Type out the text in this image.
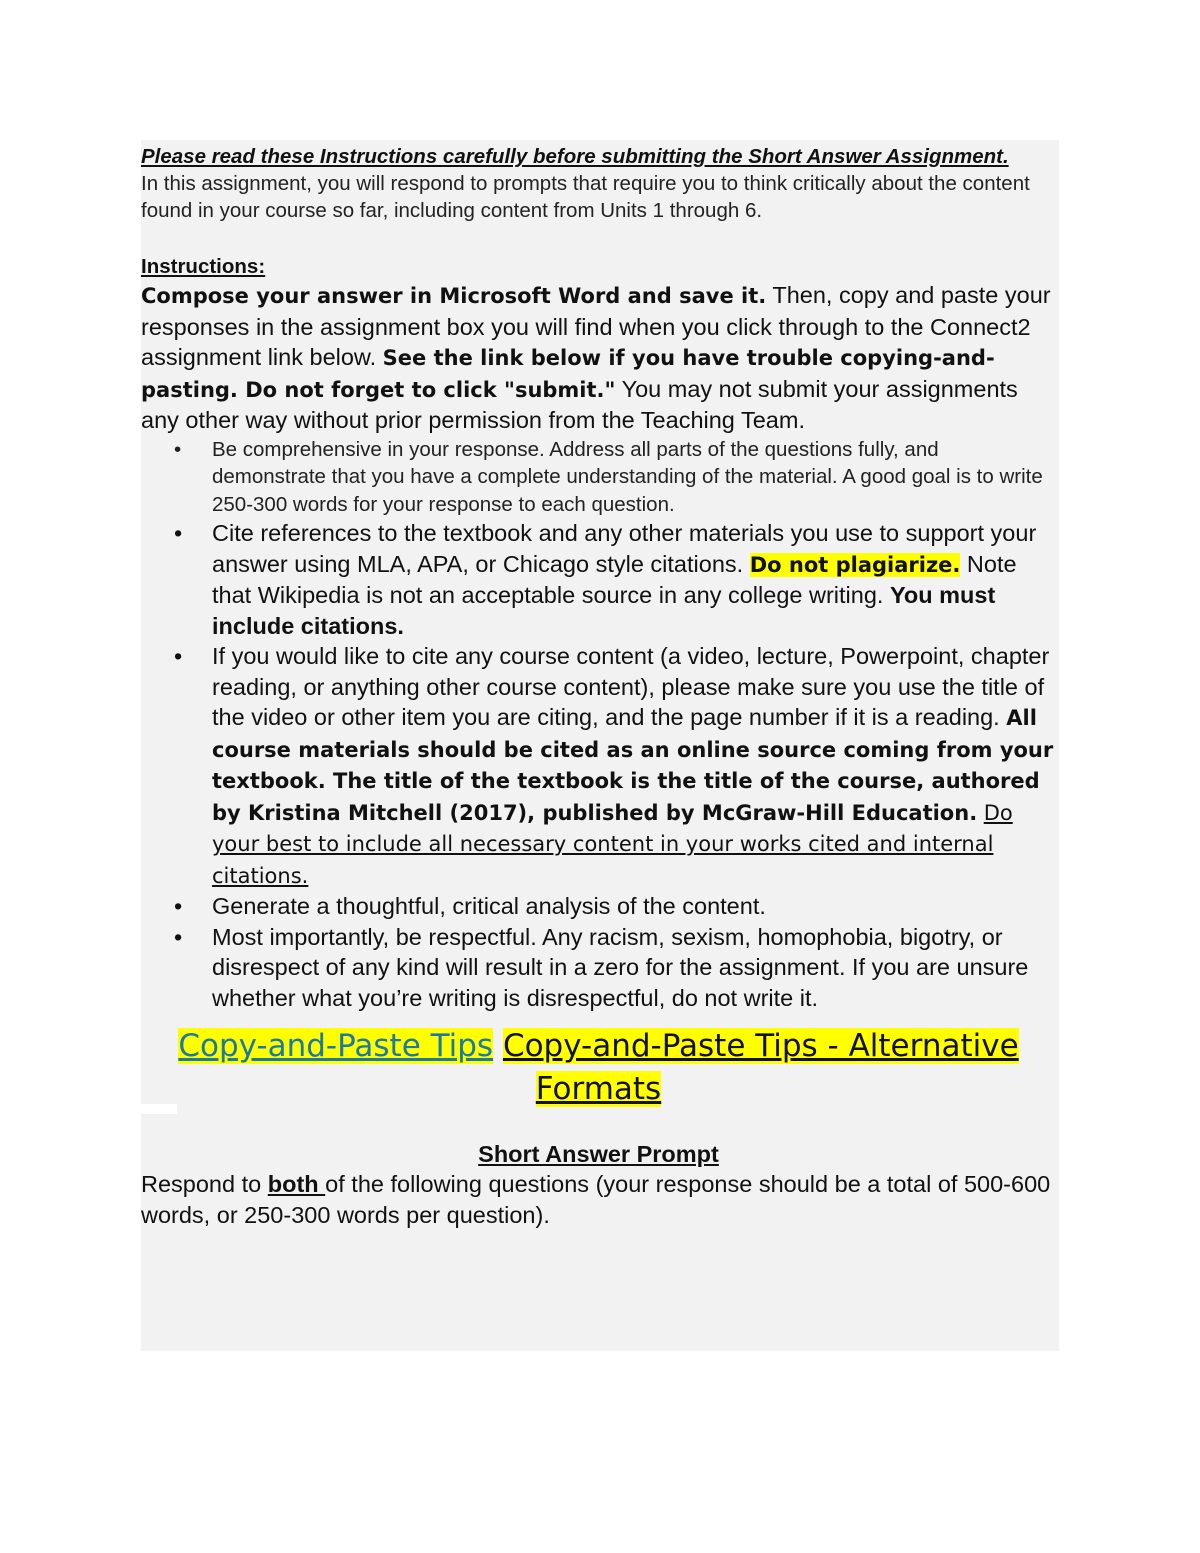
Please read these Instructions carefully before submitting the Short Answer Assignment.

In this assignment, you will respond to prompts that require you to think critically about the content found in your course so far, including content from Units 1 through 6.

Instructions:

Compose your answer in Microsoft Word and save it. Then, copy and paste your responses in the assignment box you will find when you click through to the Connect2 assignment link below. See the link below if you have trouble copying-and-pasting. Do not forget to click "submit." You may not submit your assignments any other way without prior permission from the Teaching Team.

• Be comprehensive in your response. Address all parts of the questions fully, and demonstrate that you have a complete understanding of the material. A good goal is to write 250-300 words for your response to each question.
• Cite references to the textbook and any other materials you use to support your answer using MLA, APA, or Chicago style citations. Do not plagiarize. Note that Wikipedia is not an acceptable source in any college writing. You must include citations.
• If you would like to cite any course content (a video, lecture, Powerpoint, chapter reading, or anything other course content), please make sure you use the title of the video or other item you are citing, and the page number if it is a reading. All course materials should be cited as an online source coming from your textbook. The title of the textbook is the title of the course, authored by Kristina Mitchell (2017), published by McGraw-Hill Education. Do your best to include all necessary content in your works cited and internal citations.
• Generate a thoughtful, critical analysis of the content.
• Most importantly, be respectful. Any racism, sexism, homophobia, bigotry, or disrespect of any kind will result in a zero for the assignment. If you are unsure whether what you’re writing is disrespectful, do not write it.
Copy-and-Paste Tips Copy-and-Paste Tips - Alternative Formats
Short Answer Prompt

Respond to both of the following questions (your response should be a total of 500-600 words, or 250-300 words per question).
